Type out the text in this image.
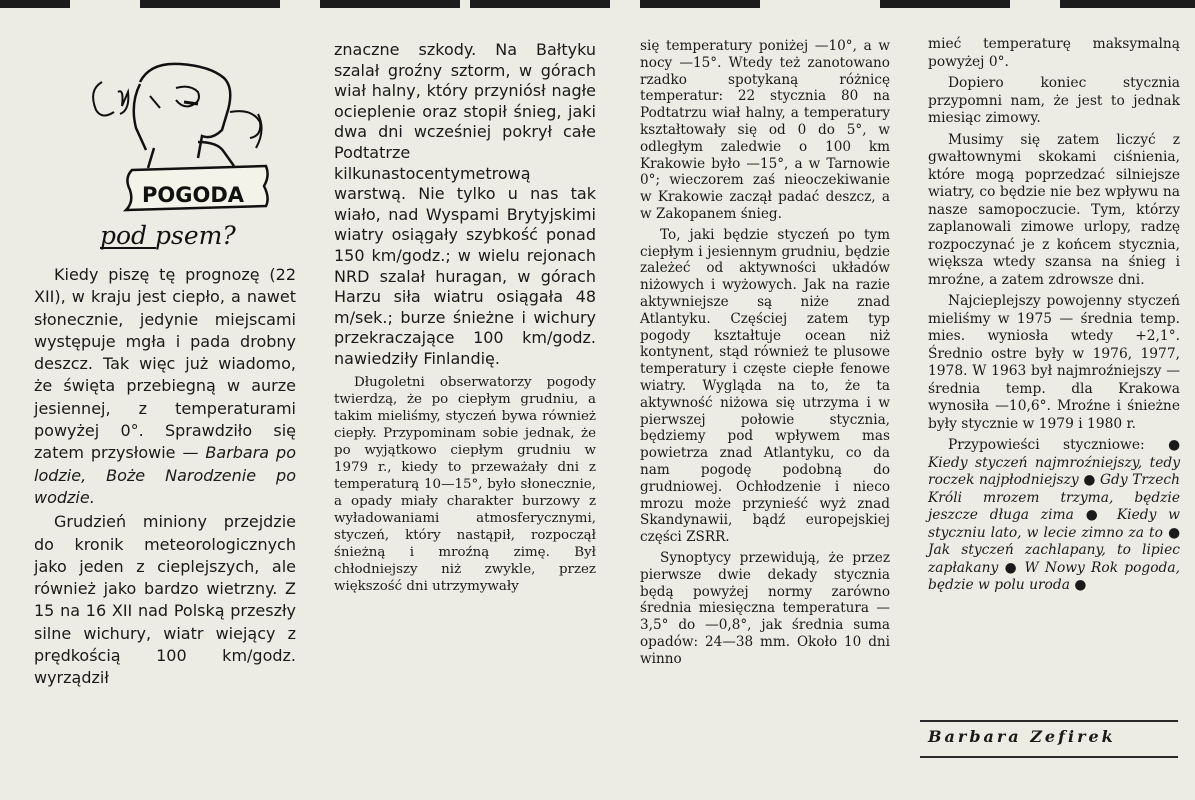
POGODA
pod psem?

Kiedy piszę tę prognozę (22 XII), w kraju jest ciepło, a nawet słonecznie, jedynie miejscami występuje mgła i pada drobny deszcz. Tak więc już wiadomo, że święta przebiegną w aurze jesiennej, z temperaturami powyżej 0°. Sprawdziło się zatem przysłowie — Barbara po lodzie, Boże Narodzenie po wodzie.

Grudzień miniony przejdzie do kronik meteorologicznych jako jeden z cieplejszych, ale również jako bardzo wietrzny. Z 15 na 16 XII nad Polską przeszły silne wichury, wiatr wiejący z prędkością 100 km/godz. wyrządził

znaczne szkody. Na Bałtyku szalał groźny sztorm, w górach wiał halny, który przyniósł nagłe ocieplenie oraz stopił śnieg, jaki dwa dni wcześniej pokrył całe Podtatrze kilkunastocentymetrową warstwą. Nie tylko u nas tak wiało, nad Wyspami Brytyjskimi wiatry osiągały szybkość ponad 150 km/godz.; w wielu rejonach NRD szalał huragan, w górach Harzu siła wiatru osiągała 48 m/sek.; burze śnieżne i wichury przekraczające 100 km/godz. nawiedziły Finlandię.

Długoletni obserwatorzy pogody twierdzą, że po ciepłym grudniu, a takim mieliśmy, styczeń bywa również ciepły. Przypominam sobie jednak, że po wyjątkowo ciepłym grudniu w 1979 r., kiedy to przeważały dni z temperaturą 10—15°, było słonecznie, a opady miały charakter burzowy z wyładowaniami atmosferycznymi, styczeń, który nastąpił, rozpoczął śnieżną i mroźną zimę. Był chłodniejszy niż zwykle, przez większość dni utrzymywały

się temperatury poniżej —10°, a w nocy —15°. Wtedy też zanotowano rzadko spotykaną różnicę temperatur: 22 stycznia 80 na Podtatrzu wiał halny, a temperatury kształtowały się od 0 do 5°, w odległym zaledwie o 100 km Krakowie było —15°, a w Tarnowie 0°; wieczorem zaś nieoczekiwanie w Krakowie zaczął padać deszcz, a w Zakopanem śnieg.

To, jaki będzie styczeń po tym ciepłym i jesiennym grudniu, będzie zależeć od aktywności układów niżowych i wyżowych. Jak na razie aktywniejsze są niże znad Atlantyku. Częściej zatem typ pogody kształtuje ocean niż kontynent, stąd również te plusowe temperatury i częste ciepłe fenowe wiatry. Wygląda na to, że ta aktywność niżowa się utrzyma i w pierwszej połowie stycznia, będziemy pod wpływem mas powietrza znad Atlantyku, co da nam pogodę podobną do grudniowej. Ochłodzenie i nieco mrozu może przynieść wyż znad Skandynawii, bądź europejskiej części ZSRR.

Synoptycy przewidują, że przez pierwsze dwie dekady stycznia będą powyżej normy zarówno średnia miesięczna temperatura —3,5° do —0,8°, jak średnia suma opadów: 24—38 mm. Około 10 dni winno

mieć temperaturę maksymalną powyżej 0°.

Dopiero koniec stycznia przypomni nam, że jest to jednak miesiąc zimowy.

Musimy się zatem liczyć z gwałtownymi skokami ciśnienia, które mogą poprzedzać silniejsze wiatry, co będzie nie bez wpływu na nasze samopoczucie. Tym, którzy zaplanowali zimowe urlopy, radzę rozpoczynać je z końcem stycznia, większa wtedy szansa na śnieg i mroźne, a zatem zdrowsze dni.

Najcieplejszy powojenny styczeń mieliśmy w 1975 — średnia temp. mies. wyniosła wtedy +2,1°. Średnio ostre były w 1976, 1977, 1978. W 1963 był najmroźniejszy — średnia temp. dla Krakowa wynosiła —10,6°. Mroźne i śnieżne były stycznie w 1979 i 1980 r.

Przypowieści styczniowe: ● Kiedy styczeń najmroźniejszy, tedy roczek najpłodniejszy ● Gdy Trzech Króli mrozem trzyma, będzie jeszcze długa zima ● Kiedy w styczniu lato, w lecie zimno za to ● Jak styczeń zachlapany, to lipiec zapłakany ● W Nowy Rok pogoda, będzie w polu uroda ●

Barbara Zefirek
